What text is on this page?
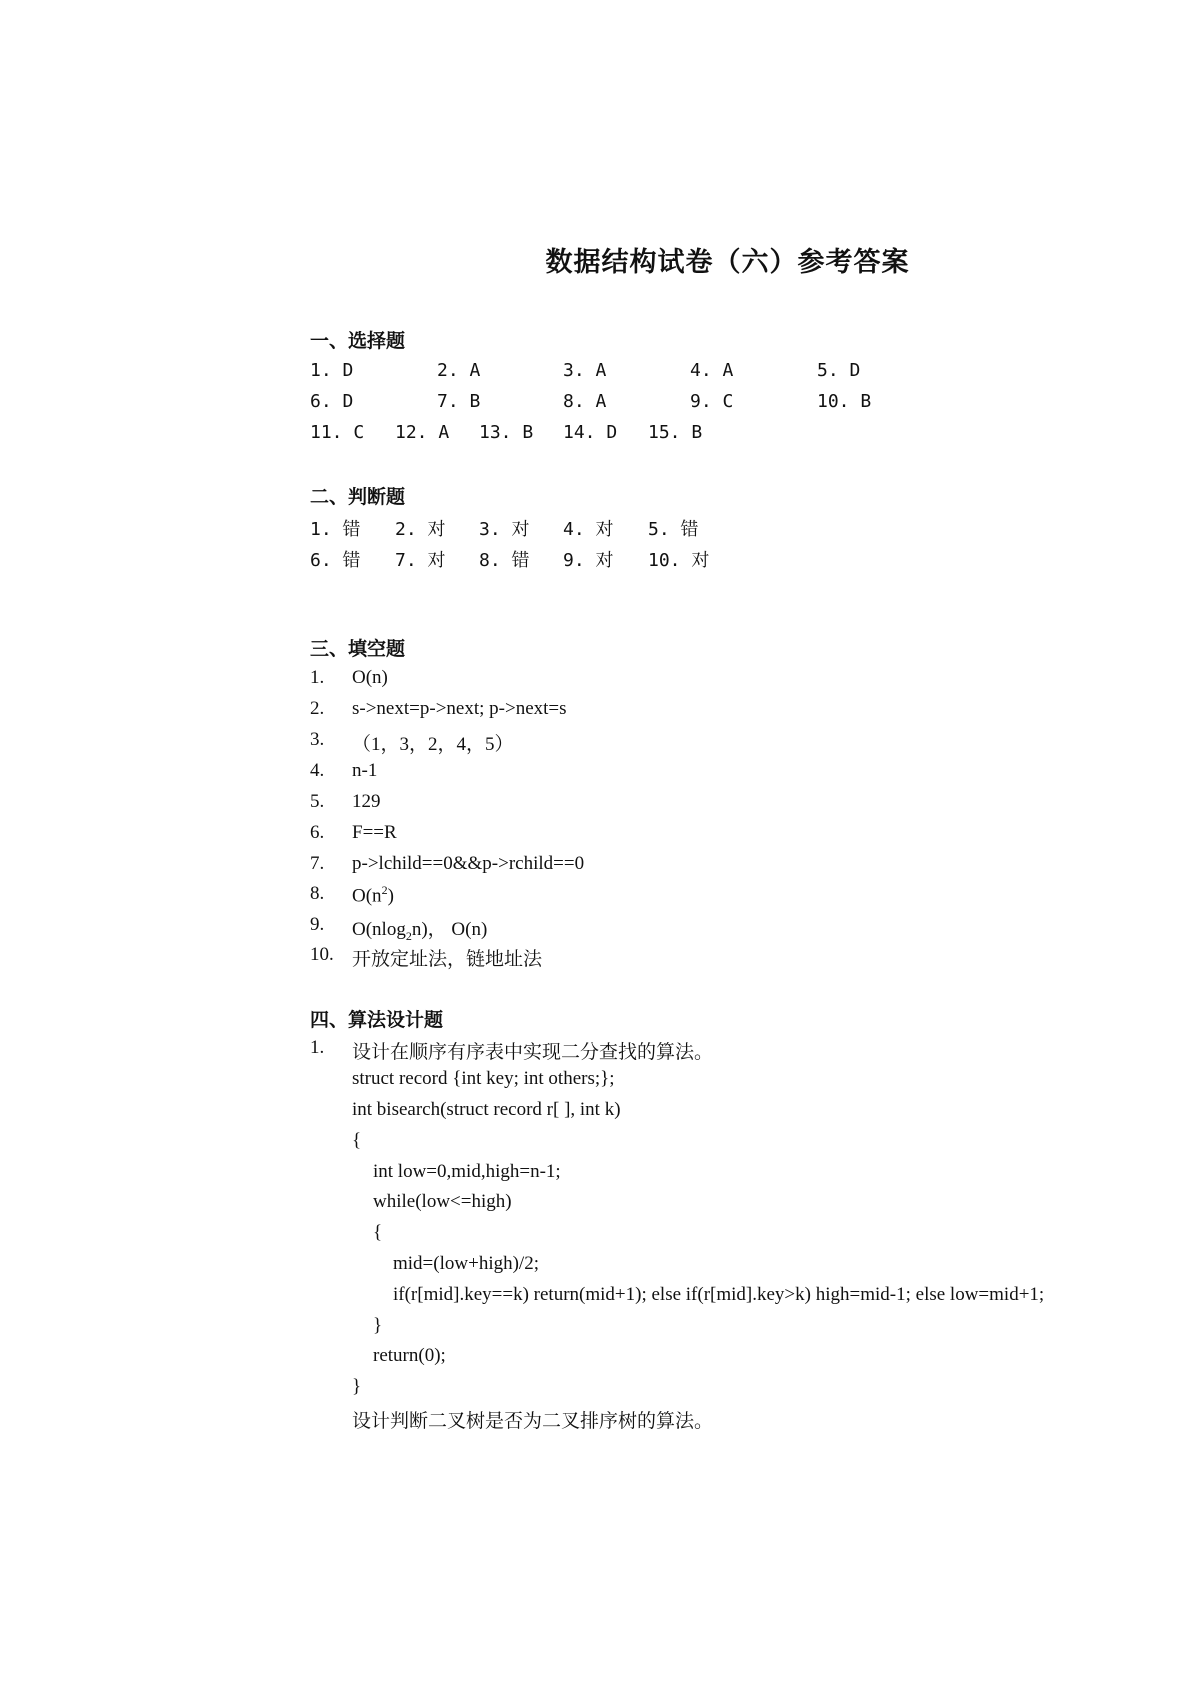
数据结构试卷（六）参考答案
一、选择题
1. D	2. A	3. A	4. A	5. D
6. D	7. B	8. A	9. C	10. B
11. C 12. A 13. B 14. D 15. B
二、判断题
1. 错 2. 对 3. 对 4. 对 5. 错
6. 错 7. 对 8. 错 9. 对 10. 对
三、填空题
1. O(n)
2. s->next=p->next; p->next=s
3. （1，3，2，4，5）
4. n-1
5. 129
6. F==R
7. p->lchild==0&&p->rchild==0
8. $O(n^2)$
9. O(nlog$_2$n)， O(n)
10. 开放定址法，链地址法
四、算法设计题
1. 设计在顺序有序表中实现二分查找的算法。
struct record {int key; int others;};
int bisearch(struct record r[ ], int k)
{
int low=0,mid,high=n-1;
while(low<=high)
{
mid=(low+high)/2;
if(r[mid].key==k) return(mid+1); else if(r[mid].key>k) high=mid-1; else low=mid+1;
}
return(0);
}
设计判断二叉树是否为二叉排序树的算法。
